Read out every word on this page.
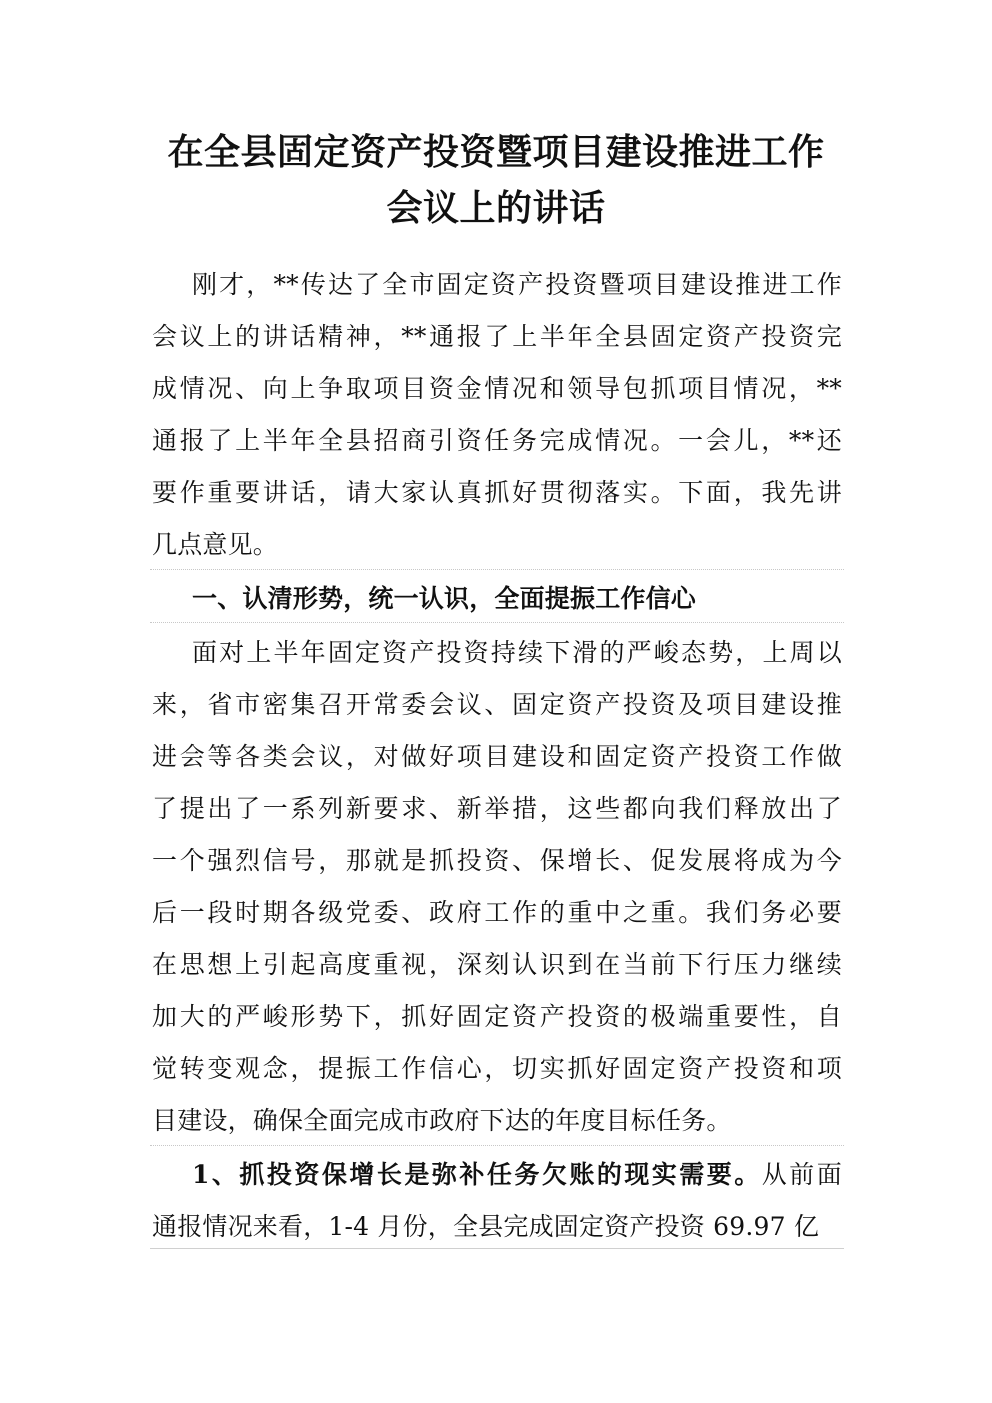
在全县固定资产投资暨项目建设推进工作
会议上的讲话
刚才，**传达了全市固定资产投资暨项目建设推进工作
会议上的讲话精神，**通报了上半年全县固定资产投资完
成情况、向上争取项目资金情况和领导包抓项目情况，**
通报了上半年全县招商引资任务完成情况。一会儿，**还
要作重要讲话，请大家认真抓好贯彻落实。下面，我先讲
几点意见。
一、认清形势，统一认识，全面提振工作信心
面对上半年固定资产投资持续下滑的严峻态势，上周以
来，省市密集召开常委会议、固定资产投资及项目建设推
进会等各类会议，对做好项目建设和固定资产投资工作做
了提出了一系列新要求、新举措，这些都向我们释放出了
一个强烈信号，那就是抓投资、保增长、促发展将成为今
后一段时期各级党委、政府工作的重中之重。我们务必要
在思想上引起高度重视，深刻认识到在当前下行压力继续
加大的严峻形势下，抓好固定资产投资的极端重要性，自
觉转变观念，提振工作信心，切实抓好固定资产投资和项
目建设，确保全面完成市政府下达的年度目标任务。
1、抓投资保增长是弥补任务欠账的现实需要。从前面
通报情况来看，1-4 月份，全县完成固定资产投资 69.97 亿
